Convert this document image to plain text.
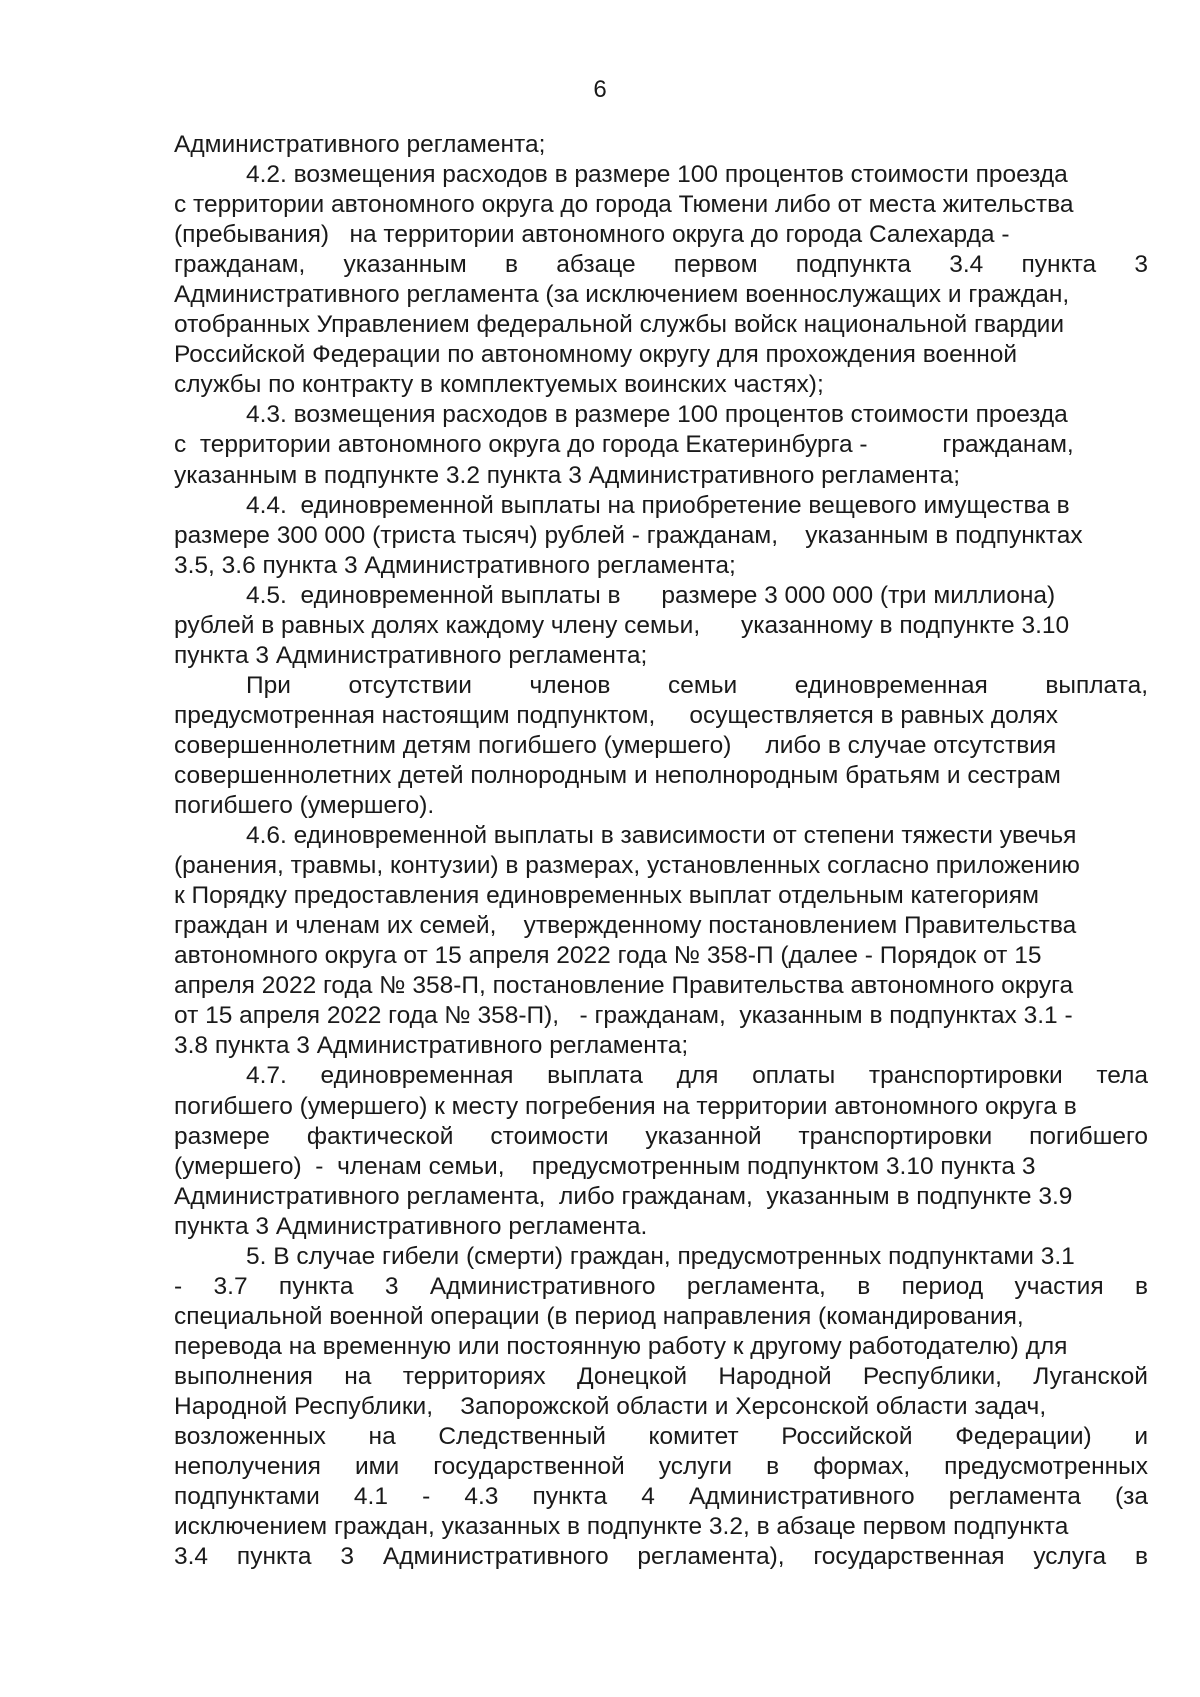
6
Административного регламента;
4.2. возмещения расходов в размере 100 процентов стоимости проезда
с территории автономного округа до города Тюмени либо от места жительства
(пребывания)   на территории автономного округа до города Салехарда -
гражданам, указанным в абзаце первом подпункта 3.4 пункта 3
Административного регламента (за исключением военнослужащих и граждан,
отобранных Управлением федеральной службы войск национальной гвардии
Российской Федерации по автономному округу для прохождения военной
службы по контракту в комплектуемых воинских частях);
4.3. возмещения расходов в размере 100 процентов стоимости проезда
с  территории автономного округа до города Екатеринбурга -           гражданам,
указанным в подпункте 3.2 пункта 3 Административного регламента;
4.4.  единовременной выплаты на приобретение вещевого имущества в
размере 300 000 (триста тысяч) рублей - гражданам,    указанным в подпунктах
3.5, 3.6 пункта 3 Административного регламента;
4.5.  единовременной выплаты в      размере 3 000 000 (три миллиона)
рублей в равных долях каждому члену семьи,      указанному в подпункте 3.10
пункта 3 Административного регламента;
При отсутствии членов семьи единовременная выплата,
предусмотренная настоящим подпунктом,     осуществляется в равных долях
совершеннолетним детям погибшего (умершего)     либо в случае отсутствия
совершеннолетних детей полнородным и неполнородным братьям и сестрам
погибшего (умершего).
4.6. единовременной выплаты в зависимости от степени тяжести увечья
(ранения, травмы, контузии) в размерах, установленных согласно приложению
к Порядку предоставления единовременных выплат отдельным категориям
граждан и членам их семей,    утвержденному постановлением Правительства
автономного округа от 15 апреля 2022 года № 358-П (далее - Порядок от 15
апреля 2022 года № 358-П, постановление Правительства автономного округа
от 15 апреля 2022 года № 358-П),   - гражданам,  указанным в подпунктах 3.1 -
3.8 пункта 3 Административного регламента;
4.7. единовременная выплата для оплаты транспортировки тела
погибшего (умершего) к месту погребения на территории автономного округа в
размере фактической стоимости указанной транспортировки погибшего
(умершего)  -  членам семьи,    предусмотренным подпунктом 3.10 пункта 3
Административного регламента,  либо гражданам,  указанным в подпункте 3.9
пункта 3 Административного регламента.
5. В случае гибели (смерти) граждан, предусмотренных подпунктами 3.1
- 3.7 пункта 3 Административного регламента, в период участия в
специальной военной операции (в период направления (командирования,
перевода на временную или постоянную работу к другому работодателю) для
выполнения на территориях Донецкой Народной Республики, Луганской
Народной Республики,    Запорожской области и Херсонской области задач,
возложенных на Следственный комитет Российской Федерации) и
неполучения ими государственной услуги в формах, предусмотренных
подпунктами 4.1 - 4.3 пункта 4 Административного регламента (за
исключением граждан, указанных в подпункте 3.2, в абзаце первом подпункта
3.4 пункта 3 Административного регламента), государственная услуга в
